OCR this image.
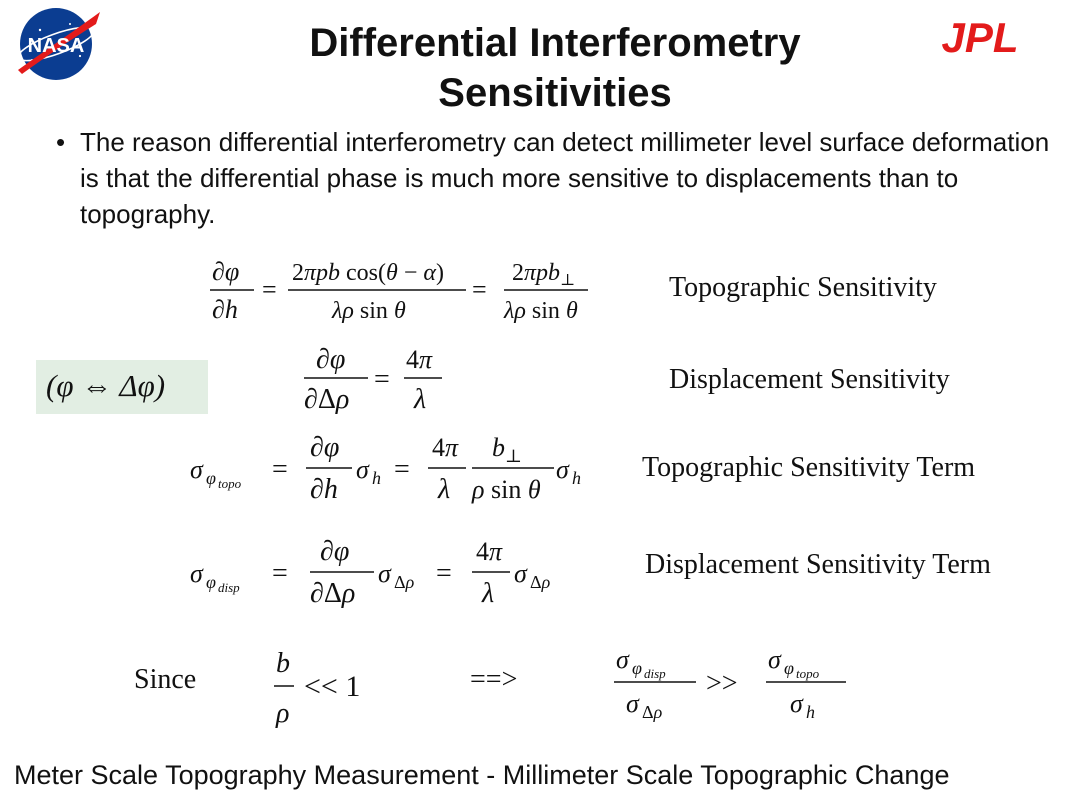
NASA	JPL
Differential Interferometry
Sensitivities
• The reason differential interferometry can detect millimeter level surface deformation is that the differential phase is much more sensitive to displacements than to topography.
∂φ
∂h
=
2πpb cos(θ − α)
λρ sin θ
=
2πpb$_\perp$
λρ sin θ
Topographic Sensitivity
(φ ⇔ Δφ)
∂φ
∂Δρ
=
4π
λ
Displacement Sensitivity
σ φ topo =
∂φ
∂h
σ h =
4π
λ
$b_\perp$
ρ sin θ
σ h Topographic Sensitivity Term
σ φ disp =
∂φ
∂Δρ
σ Δρ =
4π
λ
σ Δρ
Displacement Sensitivity Term
Since
b
ρ
<< 1	==>
σ φ disp
σ Δρ
>>
σ φ topo
σ h
Meter Scale Topography Measurement - Millimeter Scale Topographic Change
